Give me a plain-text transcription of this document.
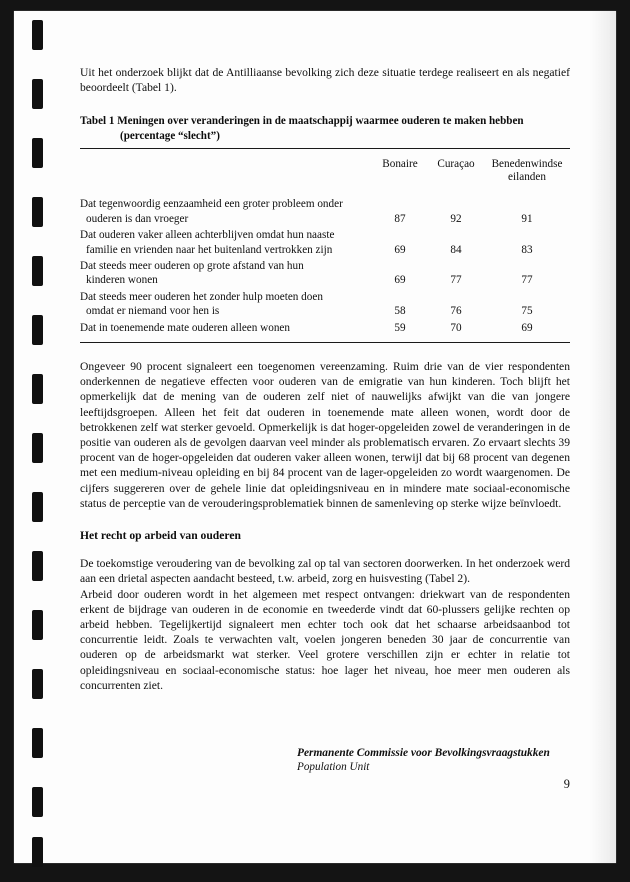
Uit het onderzoek blijkt dat de Antilliaanse bevolking zich deze situatie terdege realiseert en als negatief beoordeelt (Tabel 1).

Tabel 1 Meningen over veranderingen in de maatschappij waarmee ouderen te maken hebben
(percentage “slecht”)
	Bonaire	Curaçao	Benedenwindse
eilanden
Dat tegenwoordig eenzaamheid een groter probleem onder
ouderen is dan vroeger	87	92	91
Dat ouderen vaker alleen achterblijven omdat hun naaste
familie en vrienden naar het buitenland vertrokken zijn	69	84	83
Dat steeds meer ouderen op grote afstand van hun
kinderen wonen	69	77	77
Dat steeds meer ouderen het zonder hulp moeten doen
omdat er niemand voor hen is	58	76	75
Dat in toenemende mate ouderen alleen wonen	59	70	69

Ongeveer 90 procent signaleert een toegenomen vereenzaming. Ruim drie van de vier respondenten onderkennen de negatieve effecten voor ouderen van de emigratie van hun kinderen. Toch blijft het opmerkelijk dat de mening van de ouderen zelf niet of nauwelijks afwijkt van die van jongere leeftijdsgroepen. Alleen het feit dat ouderen in toenemende mate alleen wonen, wordt door de betrokkenen zelf wat sterker gevoeld. Opmerkelijk is dat hoger-opgeleiden zowel de veranderingen in de positie van ouderen als de gevolgen daarvan veel minder als problematisch ervaren. Zo ervaart slechts 39 procent van de hoger-opgeleiden dat ouderen vaker alleen wonen, terwijl dat bij 68 procent van degenen met een medium-niveau opleiding en bij 84 procent van de lager-opgeleiden zo wordt waargenomen. De cijfers suggereren over de gehele linie dat opleidingsniveau en in mindere mate sociaal-economische status de perceptie van de verouderingsproblematiek binnen de samenleving op sterke wijze beïnvloedt.

Het recht op arbeid van ouderen

De toekomstige veroudering van de bevolking zal op tal van sectoren doorwerken. In het onderzoek werd aan een drietal aspecten aandacht besteed, t.w. arbeid, zorg en huisvesting (Tabel 2).

Arbeid door ouderen wordt in het algemeen met respect ontvangen: driekwart van de respondenten erkent de bijdrage van ouderen in de economie en tweederde vindt dat 60-plussers gelijke rechten op arbeid hebben. Tegelijkertijd signaleert men echter toch ook dat het schaarse arbeidsaanbod tot concurrentie leidt. Zoals te verwachten valt, voelen jongeren beneden 30 jaar de concurrentie van ouderen op de arbeidsmarkt wat sterker. Veel grotere verschillen zijn er echter in relatie tot opleidingsniveau en sociaal-economische status: hoe lager het niveau, hoe meer men ouderen als concurrenten ziet.

Permanente Commissie voor Bevolkingsvraagstukken
Population Unit
9
